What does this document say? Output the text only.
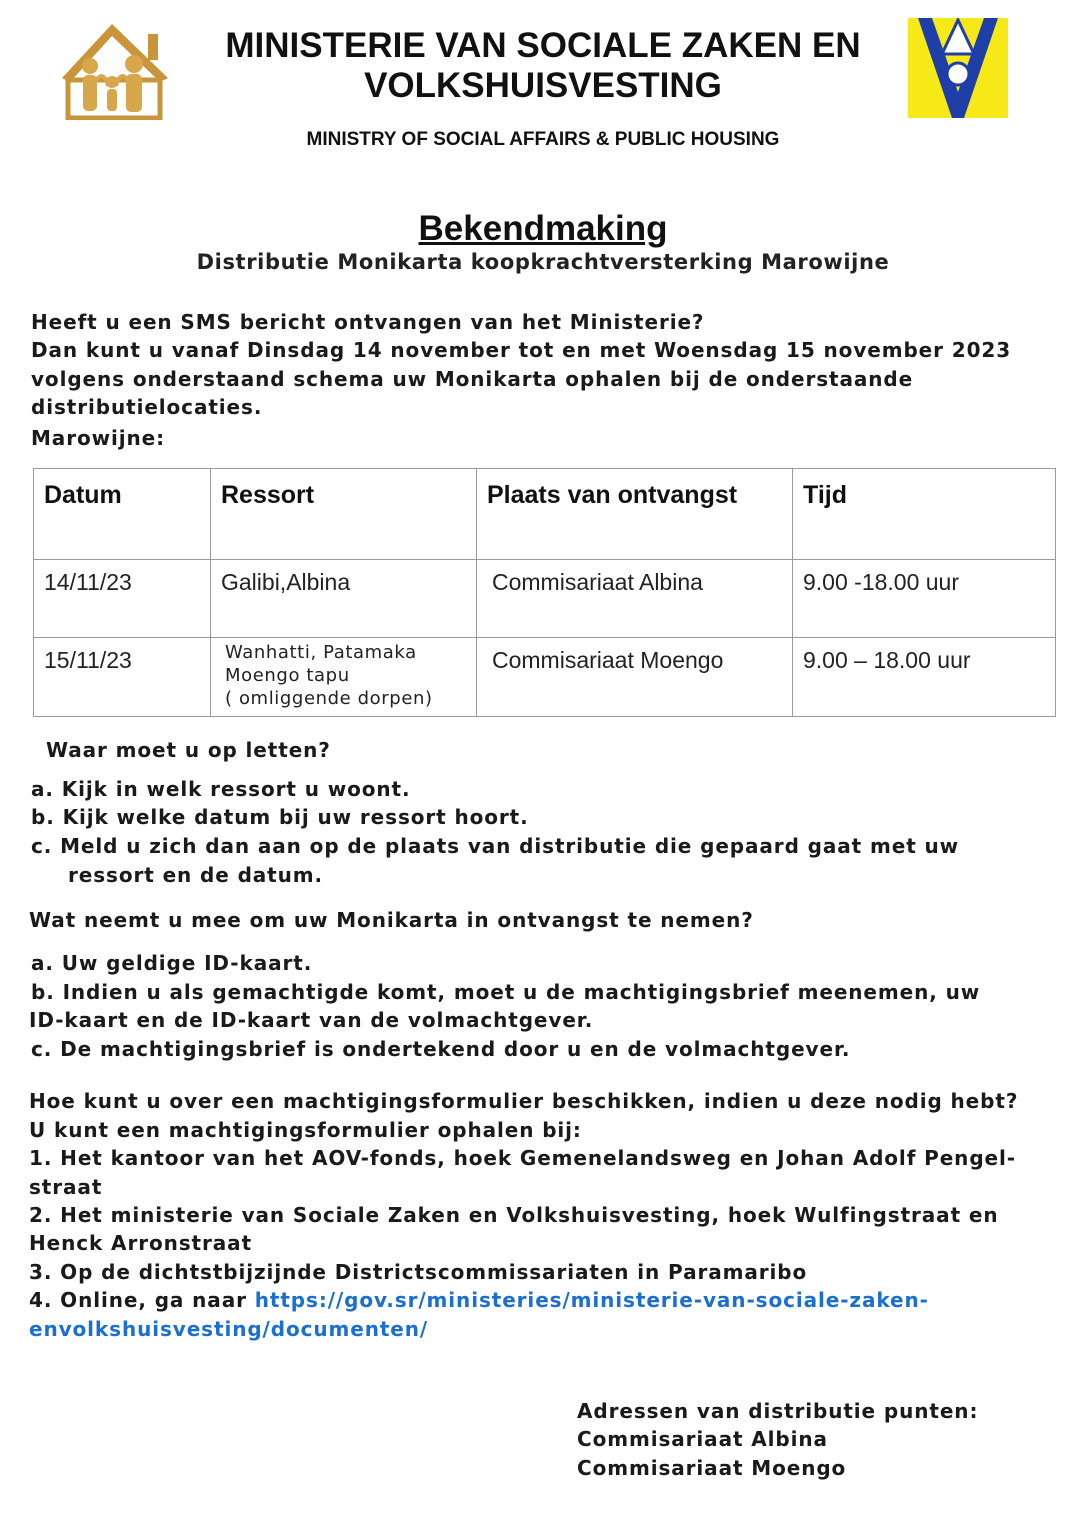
MINISTERIE VAN SOCIALE ZAKEN EN
VOLKSHUISVESTING
MINISTRY OF SOCIAL AFFAIRS & PUBLIC HOUSING
Bekendmaking
Distributie Monikarta koopkrachtversterking Marowijne
Heeft u een SMS bericht ontvangen van het Ministerie?
Dan kunt u vanaf Dinsdag 14 november tot en met Woensdag 15 november 2023
volgens onderstaand schema uw Monikarta ophalen bij de onderstaande
distributielocaties.
Marowijne:
Datum	Ressort	Plaats van ontvangst	Tijd

14/11/23	Galibi,Albina	Commisariaat Albina	9.00 -18.00 uur

15/11/23	Wanhatti, Patamaka
Moengo tapu
( omliggende dorpen)	Commisariaat Moengo	9.00 – 18.00 uur
Waar moet u op letten?
a. Kijk in welk ressort u woont.
b. Kijk welke datum bij uw ressort hoort.
c. Meld u zich dan aan op de plaats van distributie die gepaard gaat met uw
ressort en de datum.
Wat neemt u mee om uw Monikarta in ontvangst te nemen?
a. Uw geldige ID-kaart.
b. Indien u als gemachtigde komt, moet u de machtigingsbrief meenemen, uw
ID-kaart en de ID-kaart van de volmachtgever.
c. De machtigingsbrief is ondertekend door u en de volmachtgever.
Hoe kunt u over een machtigingsformulier beschikken, indien u deze nodig hebt?
U kunt een machtigingsformulier ophalen bij:
1. Het kantoor van het AOV-fonds, hoek Gemenelandsweg en Johan Adolf Pengel-
straat
2. Het ministerie van Sociale Zaken en Volkshuisvesting, hoek Wulfingstraat en
Henck Arronstraat
3. Op de dichtstbijzijnde Districtscommissariaten in Paramaribo
4. Online, ga naar https://gov.sr/ministeries/ministerie-van-sociale-zaken-
envolkshuisvesting/documenten/
Adressen van distributie punten:
Commisariaat Albina
Commisariaat Moengo
